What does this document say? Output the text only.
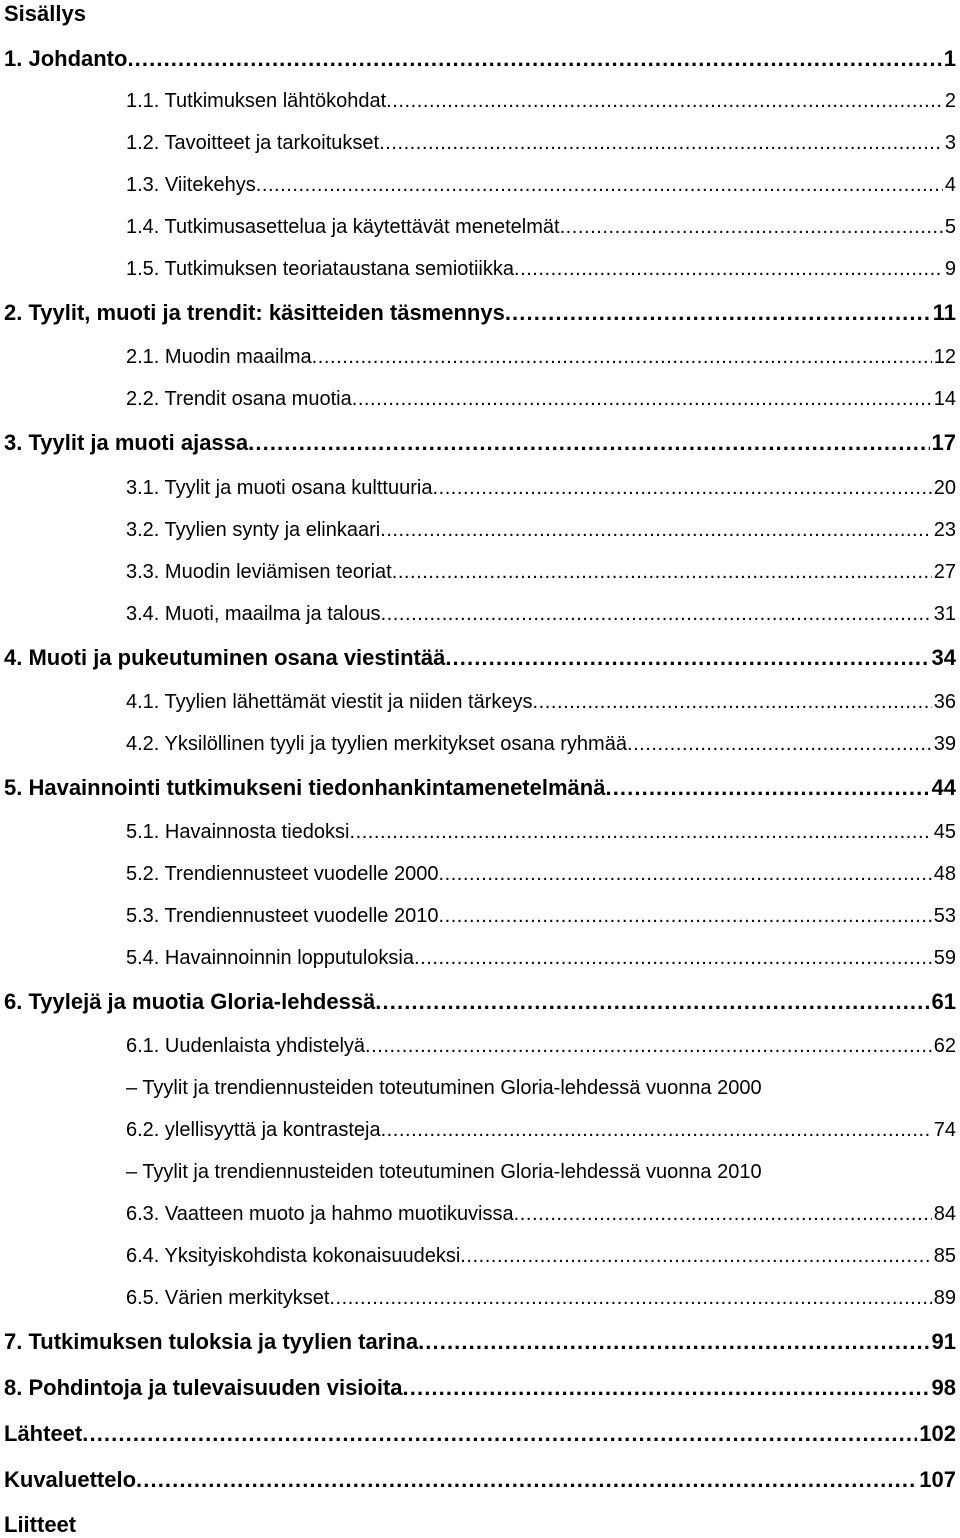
Sisällys
1. Johdanto . . .	1
1.1. Tutkimuksen lähtökohdat . . .	2
1.2. Tavoitteet ja tarkoitukset . . .	3
1.3. Viitekehys . . .	4
1.4. Tutkimusasettelua ja käytettävät menetelmät . . .	5
1.5. Tutkimuksen teoriataustana semiotiikka . . .	9
2. Tyylit, muoti ja trendit: käsitteiden täsmennys . . .	11
2.1. Muodin maailma . . .	12
2.2. Trendit osana muotia . . .	14
3. Tyylit ja muoti ajassa . . .	17
3.1. Tyylit ja muoti osana kulttuuria . . .	20
3.2. Tyylien synty ja elinkaari . . .	23
3.3. Muodin leviämisen teoriat . . .	27
3.4. Muoti, maailma ja talous . . .	31
4. Muoti ja pukeutuminen osana viestintää . . .	34
4.1. Tyylien lähettämät viestit ja niiden tärkeys . . .	36
4.2. Yksilöllinen tyyli ja tyylien merkitykset osana ryhmää . . .	39
5. Havainnointi tutkimukseni tiedonhankintamenetelmänä . . .	44
5.1. Havainnosta tiedoksi . . .	45
5.2. Trendiennusteet vuodelle 2000 . . .	48
5.3. Trendiennusteet vuodelle 2010 . . .	53
5.4. Havainnoinnin lopputuloksia . . .	59
6. Tyylejä ja muotia Gloria-lehdessä . . .	61
6.1. Uudenlaista yhdistelyä . . .	62
– Tyylit ja trendiennusteiden toteutuminen Gloria-lehdessä vuonna 2000
6.2. ylellisyyttä ja kontrasteja . . .	74
– Tyylit ja trendiennusteiden toteutuminen Gloria-lehdessä vuonna 2010
6.3. Vaatteen muoto ja hahmo muotikuvissa . . .	84
6.4. Yksityiskohdista kokonaisuudeksi . . .	85
6.5. Värien merkitykset . . .	89
7. Tutkimuksen tuloksia ja tyylien tarina . . .	91
8. Pohdintoja ja tulevaisuuden visioita . . .	98
Lähteet . . .	102
Kuvaluettelo . . .	107
Liitteet
